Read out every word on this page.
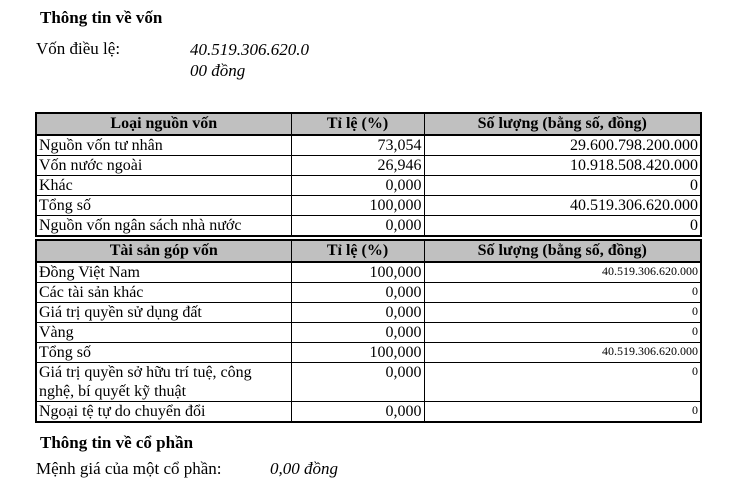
Thông tin về vốn
Vốn điều lệ:	40.519.306.620.0
00 đồng
Loại nguồn vốn	Tỉ lệ (%)	Số lượng (bằng số, đồng)
Nguồn vốn tư nhân	73,054	29.600.798.200.000
Vốn nước ngoài	26,946	10.918.508.420.000
Khác	0,000	0
Tổng số	100,000	40.519.306.620.000
Nguồn vốn ngân sách nhà nước	0,000	0
Tài sản góp vốn	Tỉ lệ (%)	Số lượng (bằng số, đồng)
Đồng Việt Nam	100,000	40.519.306.620.000
Các tài sản khác	0,000	0
Giá trị quyền sử dụng đất	0,000	0
Vàng	0,000	0
Tổng số	100,000	40.519.306.620.000
Giá trị quyền sở hữu trí tuệ, công nghệ, bí quyết kỹ thuật	0,000	0
Ngoại tệ tự do chuyển đổi	0,000	0
Thông tin về cổ phần
Mệnh giá của một cổ phần:	0,00 đồng
